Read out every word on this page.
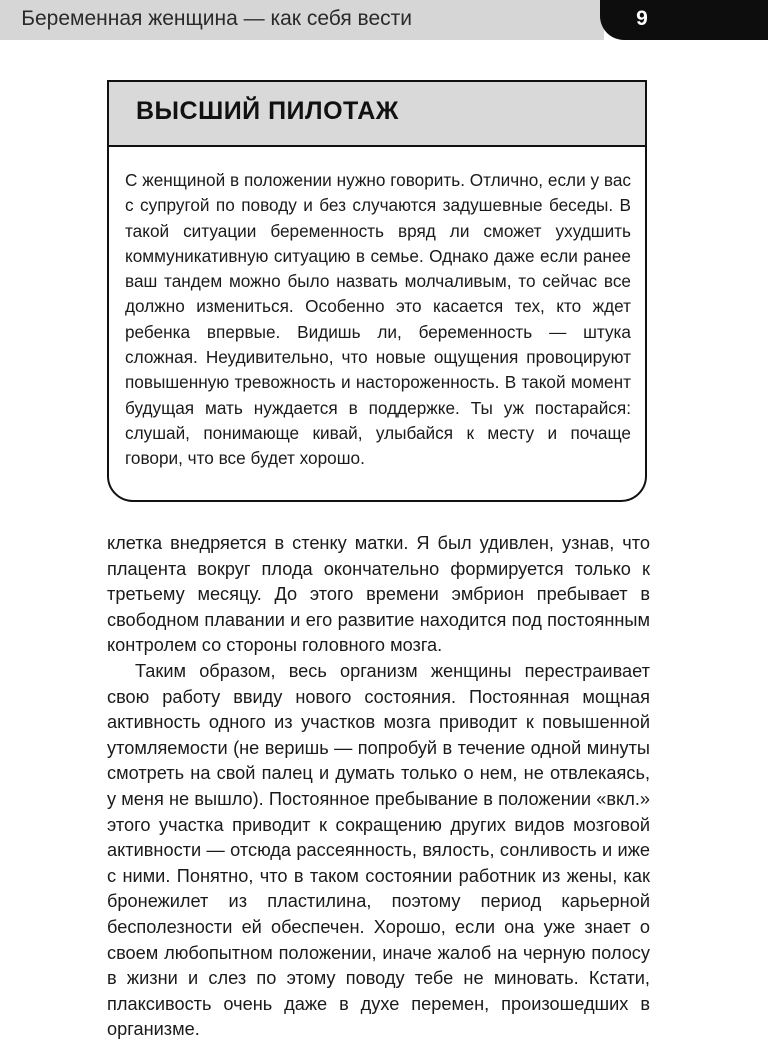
Беременная женщина — как себя вести	9
ВЫСШИЙ ПИЛОТАЖ

С женщиной в положении нужно говорить. Отлично, если у вас с супругой по поводу и без случаются задушевные беседы. В такой ситуации беременность вряд ли сможет ухудшить коммуникативную ситуацию в семье. Однако даже если ранее ваш тандем можно было назвать молчаливым, то сейчас все должно измениться. Особенно это касается тех, кто ждет ребенка впервые. Видишь ли, беременность — штука сложная. Неудивительно, что новые ощущения провоцируют повышенную тревожность и настороженность. В такой момент будущая мать нуждается в поддержке. Ты уж постарайся: слушай, понимающе кивай, улыбайся к месту и почаще говори, что все будет хорошо.

клетка внедряется в стенку матки. Я был удивлен, узнав, что плацента вокруг плода окончательно формируется только к третьему месяцу. До этого времени эмбрион пребывает в свободном плавании и его развитие находится под постоянным контролем со стороны головного мозга.

Таким образом, весь организм женщины перестраивает свою работу ввиду нового состояния. Постоянная мощная активность одного из участков мозга приводит к повышенной утомляемости (не веришь — попробуй в течение одной минуты смотреть на свой палец и думать только о нем, не отвлекаясь, у меня не вышло). Постоянное пребывание в положении «вкл.» этого участка приводит к сокращению других видов мозговой активности — отсюда рассеянность, вялость, сонливость и иже с ними. Понятно, что в таком состоянии работник из жены, как бронежилет из пластилина, поэтому период карьерной бесполезности ей обеспечен. Хорошо, если она уже знает о своем любопытном положении, иначе жалоб на черную полосу в жизни и слез по этому поводу тебе не миновать. Кстати, плаксивость очень даже в духе перемен, произошедших в организме.
